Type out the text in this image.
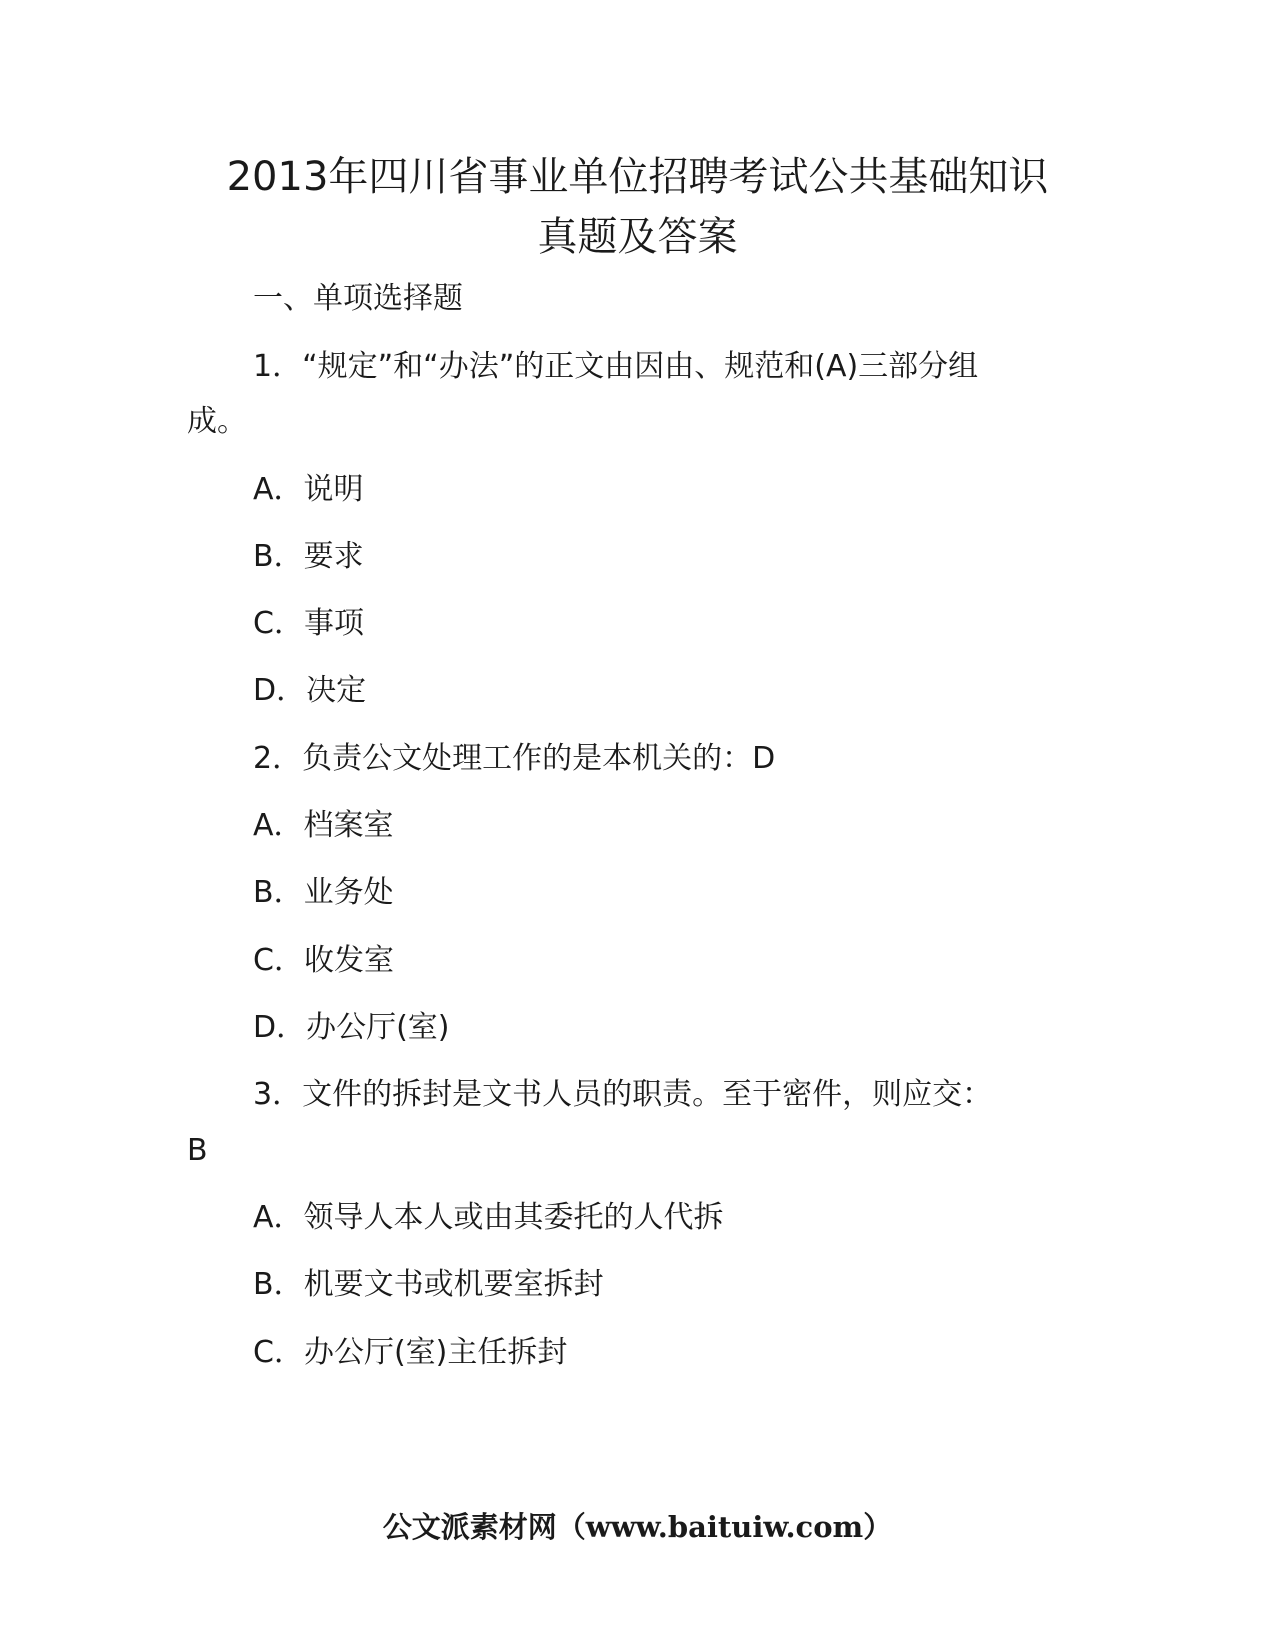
2013年四川省事业单位招聘考试公共基础知识
真题及答案

一、单项选择题

1．“规定”和“办法”的正文由因由、规范和(A)三部分组

成。

A．说明

B．要求

C．事项

D．决定

2．负责公文处理工作的是本机关的：D

A．档案室

B．业务处

C．收发室

D．办公厅(室)

3．文件的拆封是文书人员的职责。至于密件，则应交：

B

A．领导人本人或由其委托的人代拆

B．机要文书或机要室拆封

C．办公厅(室)主任拆封

公文派素材网（www.baituiw.com）
